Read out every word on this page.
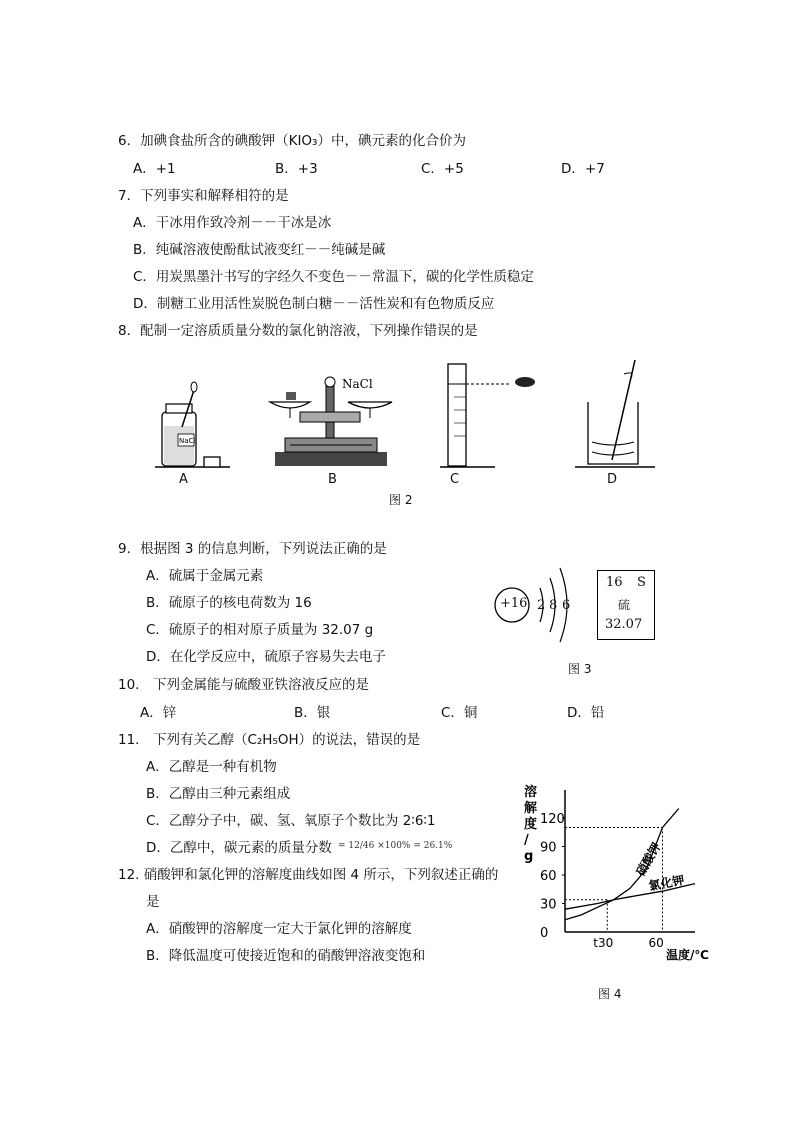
6．加碘食盐所含的碘酸钾（KIO₃）中，碘元素的化合价为
A．+1	B．+3	C．+5	D．+7
7．下列事实和解释相符的是
A．干冰用作致冷剂－－干冰是冰
B．纯碱溶液使酚酞试液变红－－纯碱是碱
C．用炭黑墨汁书写的字经久不变色－－常温下，碳的化学性质稳定
D．制糖工业用活性炭脱色制白糖－－活性炭和有色物质反应
8．配制一定溶质质量分数的氯化钠溶液，下列操作错误的是
NaCl
NaCl
A	B	C	D
图 2
9．根据图 3 的信息判断，下列说法正确的是
A．硫属于金属元素
B．硫原子的核电荷数为 16
C．硫原子的相对原子质量为 32.07 g
D．在化学反应中，硫原子容易失去电子
+16 2 8 6
16 S
硫
32.07
图 3
10． 下列金属能与硫酸亚铁溶液反应的是
A．锌	B．银	C．铜	D．铅
11． 下列有关乙醇（C₂H₅OH）的说法，错误的是
A．乙醇是一种有机物
B．乙醇由三种元素组成
C．乙醇分子中，碳、氢、氧原子个数比为 2∶6∶1
D．乙醇中，碳元素的质量分数 = 12/46 ×100% = 26.1%
12. 硝酸钾和氯化钾的溶解度曲线如图 4 所示，下列叙述正确的
是
A．硝酸钾的溶解度一定大于氯化钾的溶解度
B．降低温度可使接近饱和的硝酸钾溶液变饱和
溶
解
度
/
g
120
90
60
30
0
t30	60
硝酸钾
氯化钾
温度/℃
图 4
